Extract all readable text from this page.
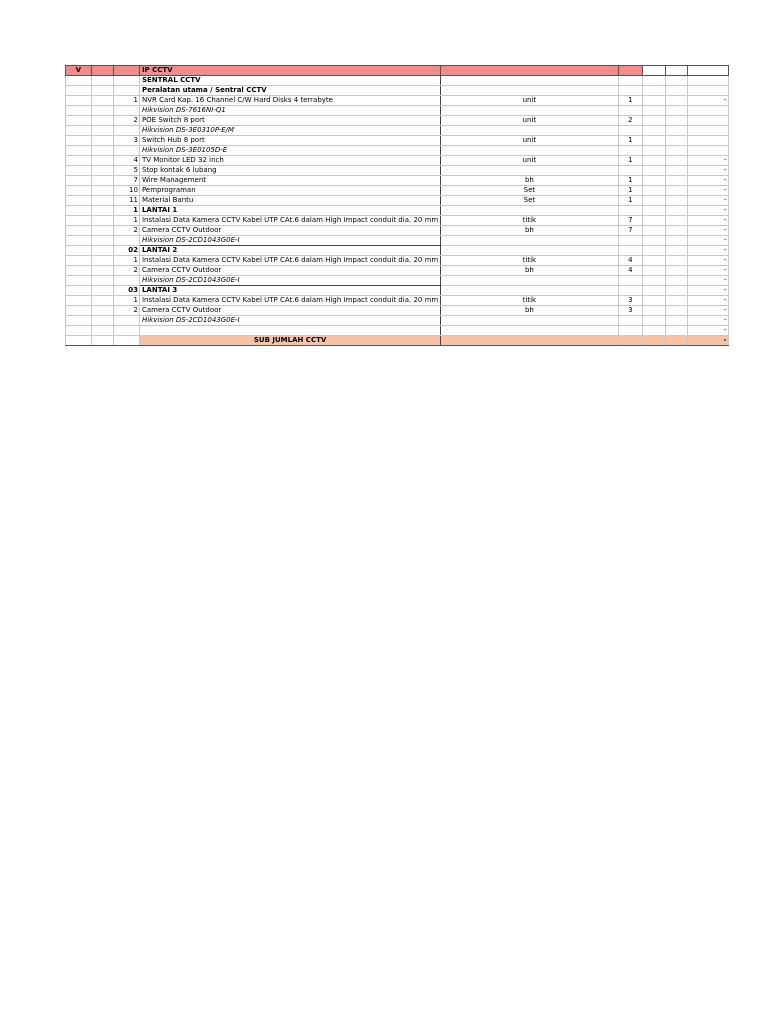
V			IP CCTV					
			SENTRAL CCTV					
			Peralatan utama / Sentral CCTV					
		1	NVR Card Kap. 16 Channel C/W Hard Disks 4 terrabyte	unit	1			-
			Hikvision DS-7616NI-Q1					
		2	POE Switch 8 port	unit	2			
			Hikvision DS-3E0310P-E/M					
		3	Switch Hub 8 port	unit	1			
			Hikvision DS-3E0105D-E					
		4	TV Monitor LED 32 inch	unit	1			-
		5	Stop kontak 6 lubang					-
		7	Wire Management	bh	1			-
		10	Pemprograman	Set	1			-
		11	Material Bantu	Set	1			-
		1	LANTAI 1					-
		1	Instalasi Data Kamera CCTV Kabel UTP CAt.6 dalam High Impact conduit dia. 20 mm	titik	7			-
		2	Camera CCTV Outdoor	bh	7			-
			Hikvision DS-2CD1043G0E-I					-
		02	LANTAI 2					-
		1	Instalasi Data Kamera CCTV Kabel UTP CAt.6 dalam High Impact conduit dia. 20 mm	titik	4			-
		2	Camera CCTV Outdoor	bh	4			-
			Hikvision DS-2CD1043G0E-I					-
		03	LANTAI 3					-
		1	Instalasi Data Kamera CCTV Kabel UTP CAt.6 dalam High Impact conduit dia. 20 mm	titik	3			-
		2	Camera CCTV Outdoor	bh	3			-
			Hikvision DS-2CD1043G0E-I					-
								-
			SUB JUMLAH CCTV					-
